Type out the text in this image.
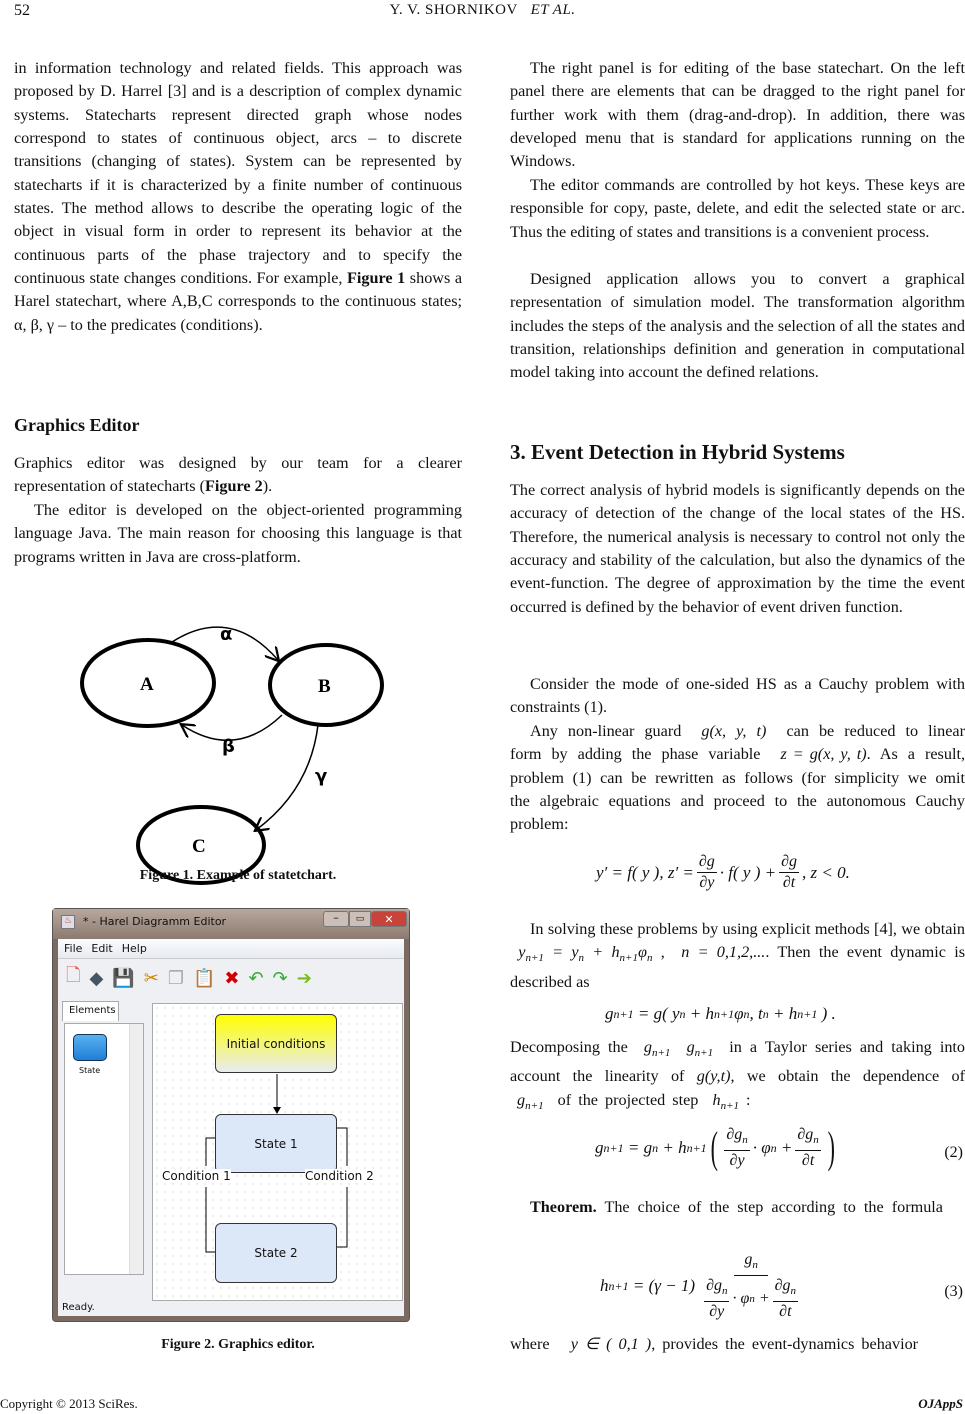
52	Y. V. SHORNIKOV ET AL.
in information technology and related fields. This approach was proposed by D. Harrel [3] and is a description of complex dynamic systems. Statecharts represent directed graph whose nodes correspond to states of continuous object, arcs – to discrete transitions (changing of states). System can be represented by statecharts if it is characterized by a finite number of continuous states. The method allows to describe the operating logic of the object in visual form in order to represent its behavior at the continuous parts of the phase trajectory and to specify the continuous state changes conditions. For example, Figure 1 shows a Harel statechart, where A,B,C corresponds to the continuous states; α, β, γ – to the predicates (conditions).
Graphics Editor
Graphics editor was designed by our team for a clearer representation of statecharts (Figure 2).
The editor is developed on the object-oriented programming language Java. The main reason for choosing this language is that programs written in Java are cross-platform.
A	B
C
α
β
γ
Figure 1. Example of statetchart.
♨ * - Harel Diagramm Editor	–	▭	✕
File Edit Help
🗋 ◆ 💾 ✂ ❐ 📋 ✖ ↶ ↷ ➔
Elements
State
Initial conditions
State 1
State 2
Condition 1	Condition 2
Ready.
Figure 2. Graphics editor.
The right panel is for editing of the base statechart. On the left panel there are elements that can be dragged to the right panel for further work with them (drag-and-drop). In addition, there was developed menu that is standard for applications running on the Windows.
The editor commands are controlled by hot keys. These keys are responsible for copy, paste, delete, and edit the selected state or arc. Thus the editing of states and transitions is a convenient process.
Designed application allows you to convert a graphical representation of simulation model. The transformation algorithm includes the steps of the analysis and the selection of all the states and transition, relationships definition and generation in computational model taking into account the defined relations.
3. Event Detection in Hybrid Systems
The correct analysis of hybrid models is significantly depends on the accuracy of detection of the change of the local states of the HS. Therefore, the numerical analysis is necessary to control not only the accuracy and stability of the calculation, but also the dynamics of the event-function. The degree of approximation by the time the event occurred is defined by the behavior of event driven function.
Consider the mode of one-sided HS as a Cauchy problem with constraints (1).
Any non-linear guard g(x, y, t) can be reduced to linear form by adding the phase variable z = g(x, y, t). As a result, problem (1) can be rewritten as follows (for simplicity we omit the algebraic equations and proceed to the autonomous Cauchy problem:
y′ = f( y ), $z' = \frac{\partial g}{\partial y} \cdot f$( y ) + $\frac{\partial g}{\partial t}$ , z < 0.
In solving these problems by using explicit methods [4], we obtain  $y_{n+1} = y_n + h_{n+1}\varphi_n$ ,  n = 0,1,2,.... Then the event dynamic is described as
g n+1 = g( y n + h n+1 φ n , t n + h n+1 ) .
Decomposing the $g_{n+1}$  $g_{n+1}$ in a Taylor series and taking into account the linearity of g(y,t), we obtain the dependence of  $g_{n+1}$ of the projected step $h_{n+1}$ :
g n+1 = g n + h n+1 ( $\partial g_n$
∂y
· φ n +
$\partial g_n$
∂t )	(2)
Theorem. The choice of the step according to the formula
h n+1
= (γ − 1)
$g_n$
$\partial g_n$
∂y
· φ n +
$\partial g_n$
∂t
(3)
where y ∈ ( 0,1 ), provides the event-dynamics behavior
Copyright © 2013 SciRes.	OJAppS
